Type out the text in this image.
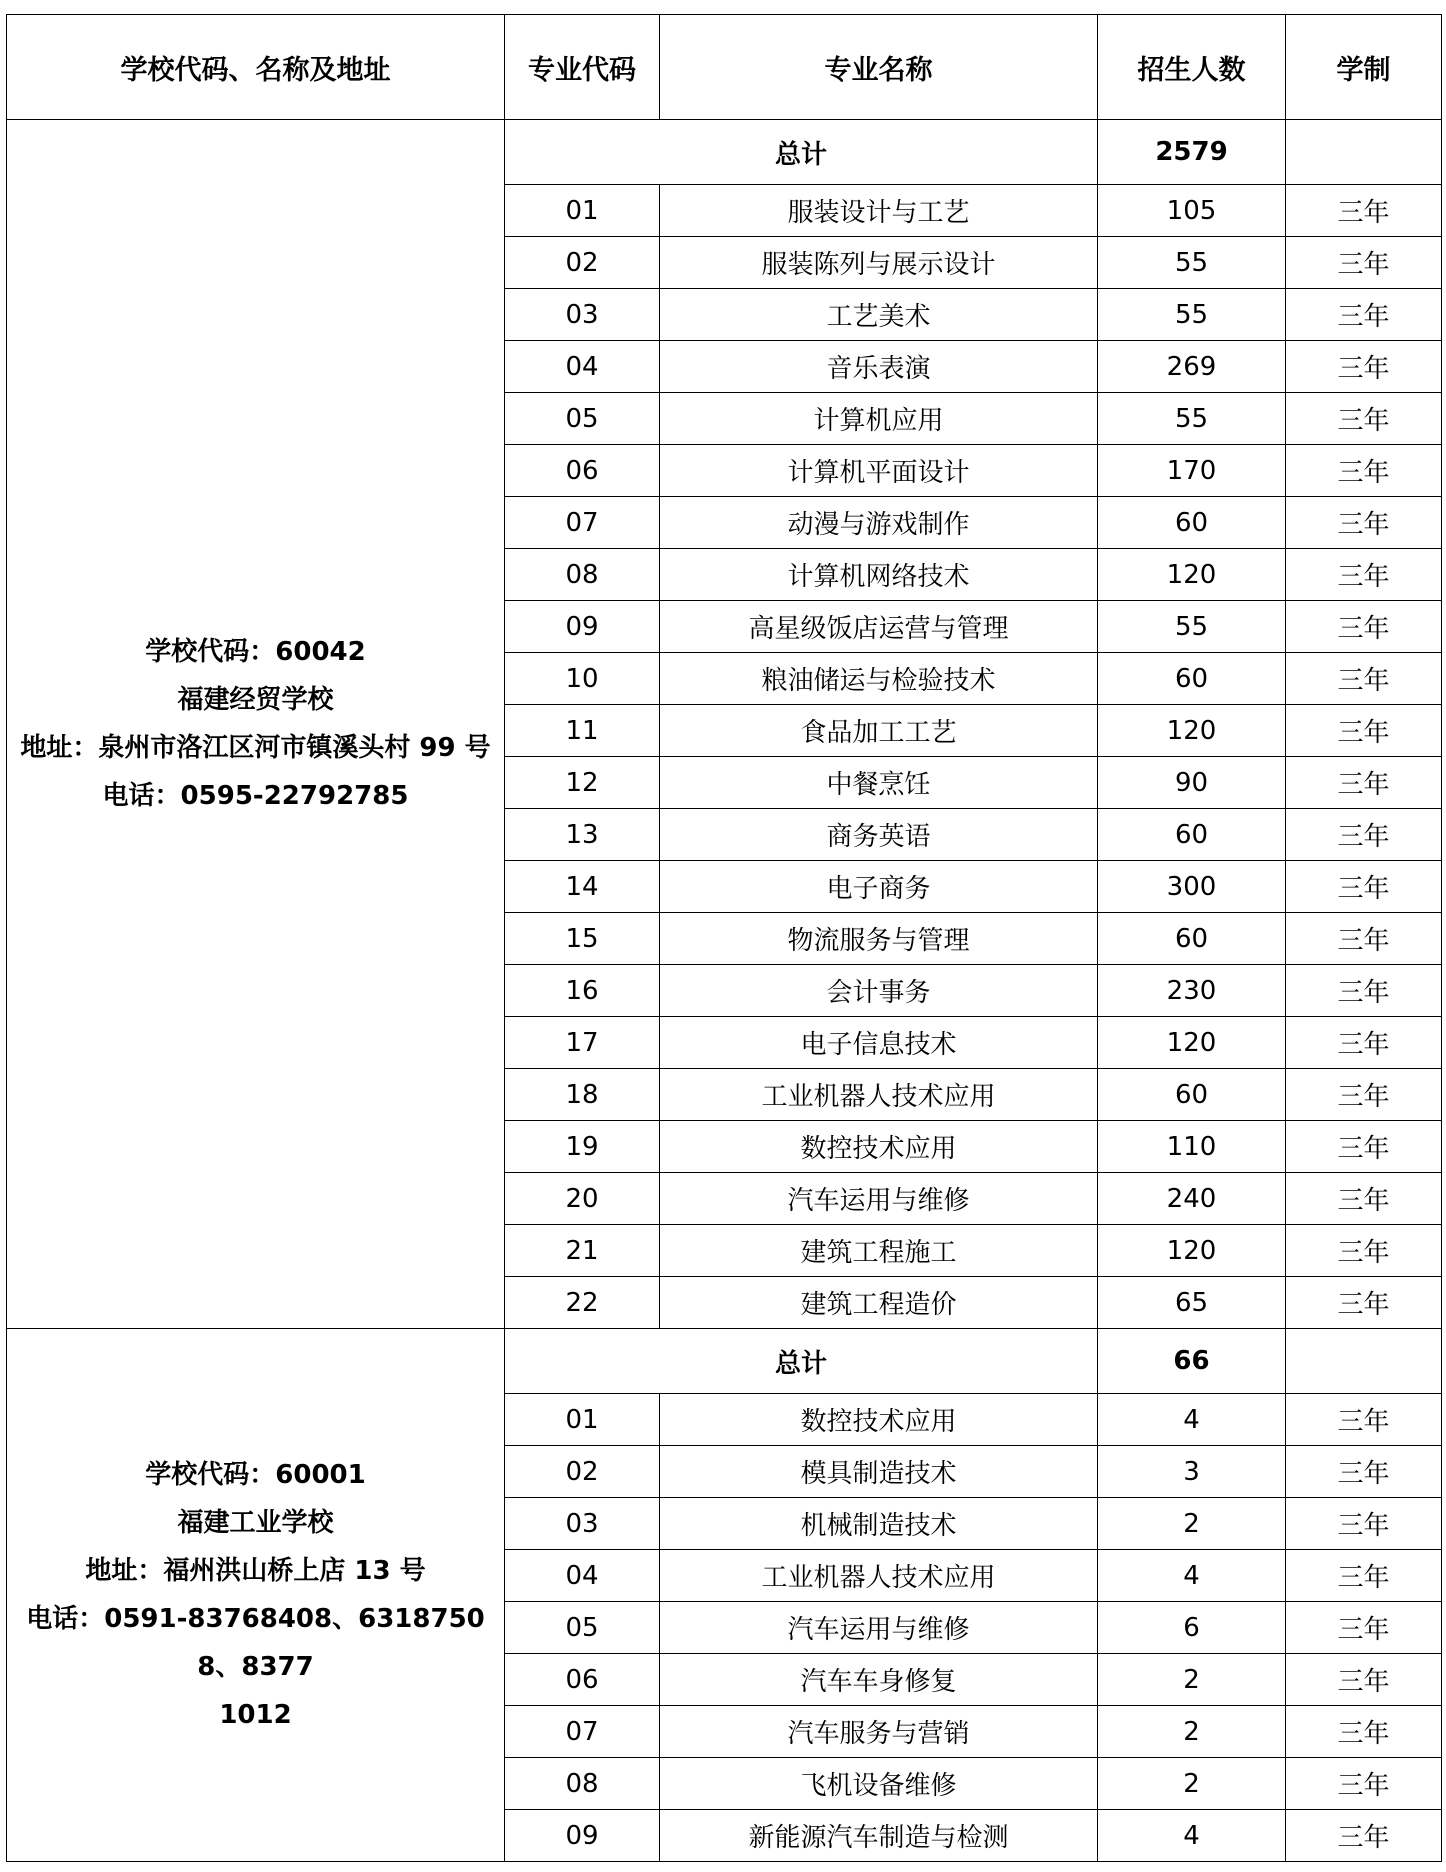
学校代码、名称及地址	专业代码	专业名称	招生人数	学制
学校代码：60042
福建经贸学校
地址：泉州市洛江区河市镇溪头村 99 号
电话：0595-22792785	总计		2579	
	01	服装设计与工艺	105	三年
	02	服装陈列与展示设计	55	三年
	03	工艺美术	55	三年
	04	音乐表演	269	三年
	05	计算机应用	55	三年
	06	计算机平面设计	170	三年
	07	动漫与游戏制作	60	三年
	08	计算机网络技术	120	三年
	09	高星级饭店运营与管理	55	三年
	10	粮油储运与检验技术	60	三年
	11	食品加工工艺	120	三年
	12	中餐烹饪	90	三年
	13	商务英语	60	三年
	14	电子商务	300	三年
	15	物流服务与管理	60	三年
	16	会计事务	230	三年
	17	电子信息技术	120	三年
	18	工业机器人技术应用	60	三年
	19	数控技术应用	110	三年
	20	汽车运用与维修	240	三年
	21	建筑工程施工	120	三年
	22	建筑工程造价	65	三年
学校代码：60001
福建工业学校
地址：福州洪山桥上店 13 号
电话：0591-83768408、63187508、8377
1012	总计		66	
	01	数控技术应用	4	三年
	02	模具制造技术	3	三年
	03	机械制造技术	2	三年
	04	工业机器人技术应用	4	三年
	05	汽车运用与维修	6	三年
	06	汽车车身修复	2	三年
	07	汽车服务与营销	2	三年
	08	飞机设备维修	2	三年
	09	新能源汽车制造与检测	4	三年
